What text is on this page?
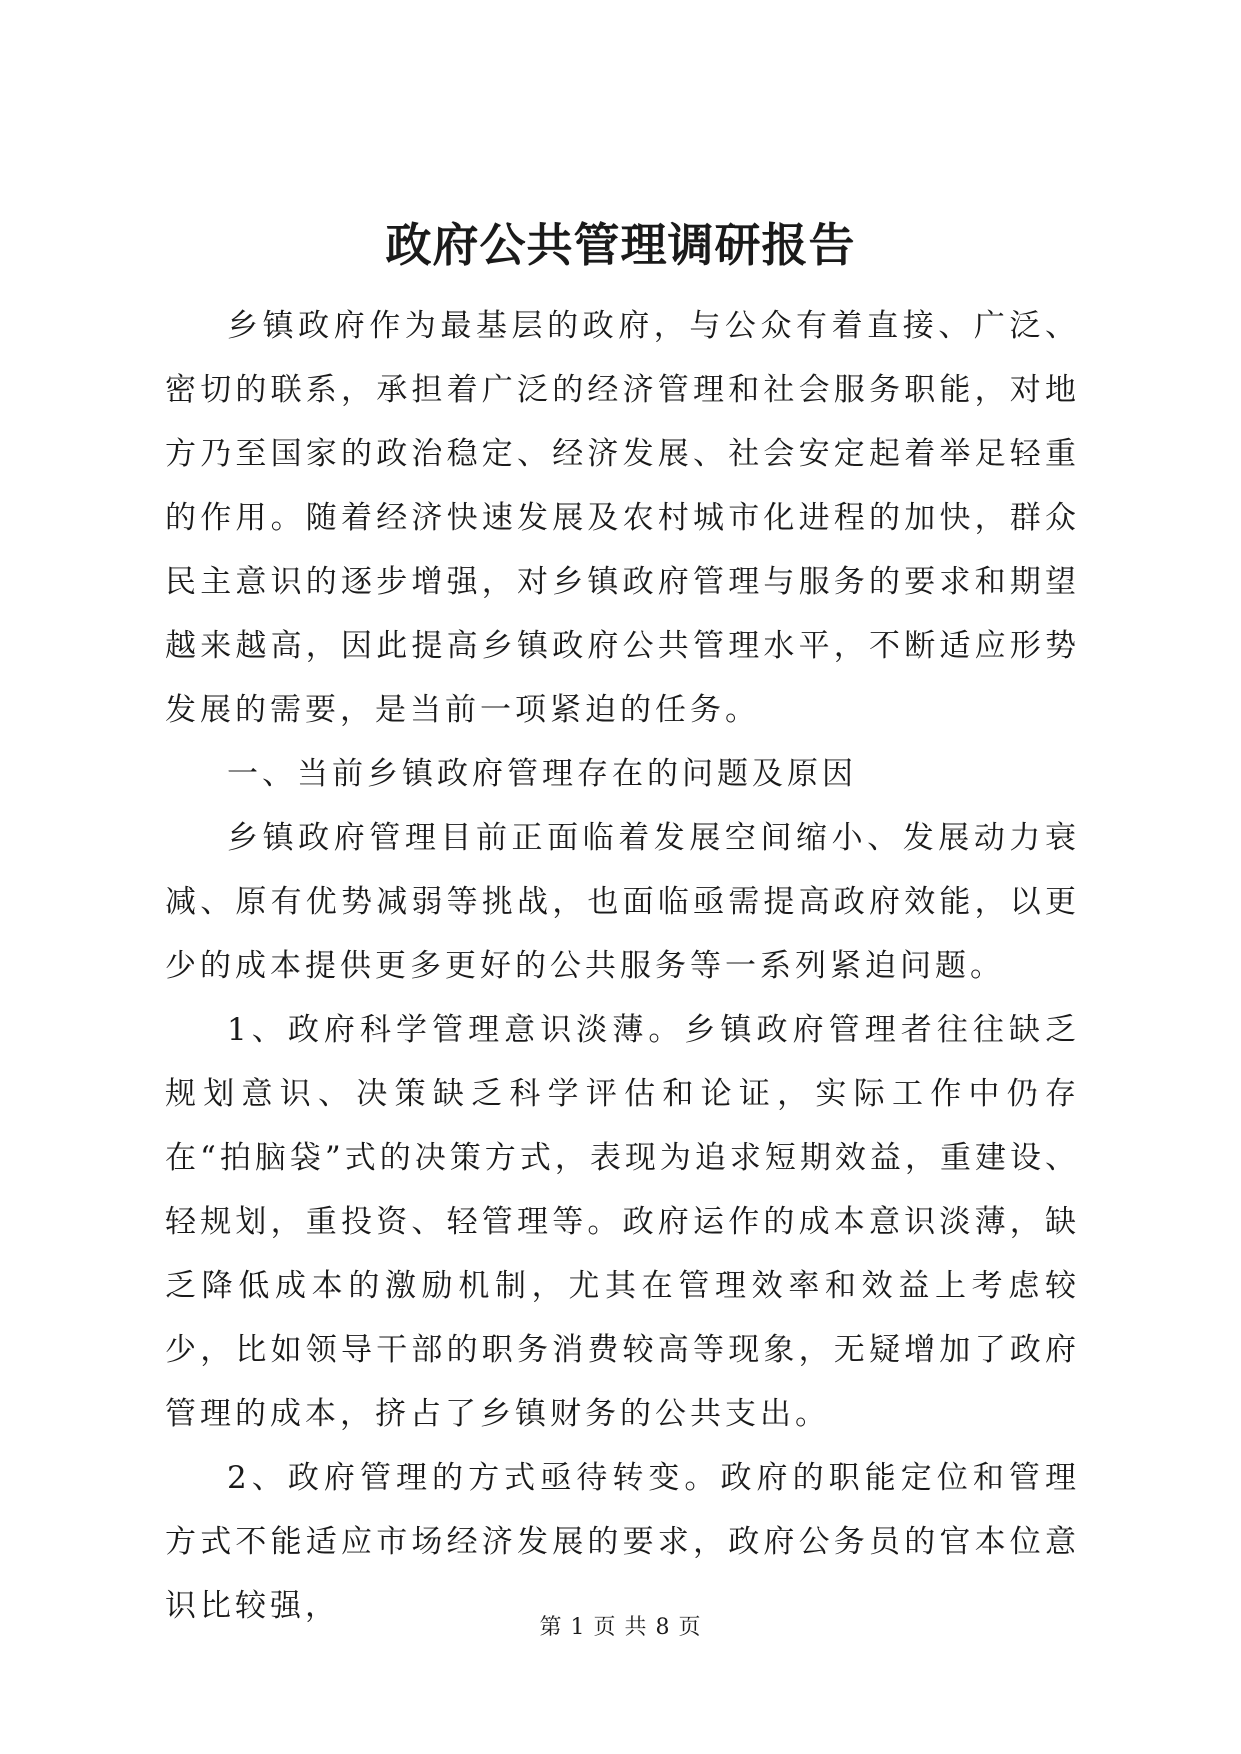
政府公共管理调研报告

乡镇政府作为最基层的政府，与公众有着直接、广泛、密切的联系，承担着广泛的经济管理和社会服务职能，对地方乃至国家的政治稳定、经济发展、社会安定起着举足轻重的作用。随着经济快速发展及农村城市化进程的加快，群众民主意识的逐步增强，对乡镇政府管理与服务的要求和期望越来越高，因此提高乡镇政府公共管理水平，不断适应形势发展的需要，是当前一项紧迫的任务。

一、当前乡镇政府管理存在的问题及原因

乡镇政府管理目前正面临着发展空间缩小、发展动力衰减、原有优势减弱等挑战，也面临亟需提高政府效能，以更少的成本提供更多更好的公共服务等一系列紧迫问题。

1、政府科学管理意识淡薄。乡镇政府管理者往往缺乏规划意识、决策缺乏科学评估和论证，实际工作中仍存在“拍脑袋”式的决策方式，表现为追求短期效益，重建设、轻规划，重投资、轻管理等。政府运作的成本意识淡薄，缺乏降低成本的激励机制，尤其在管理效率和效益上考虑较少，比如领导干部的职务消费较高等现象，无疑增加了政府管理的成本，挤占了乡镇财务的公共支出。

2、政府管理的方式亟待转变。政府的职能定位和管理方式不能适应市场经济发展的要求，政府公务员的官本位意识比较强，

第 1 页 共 8 页
